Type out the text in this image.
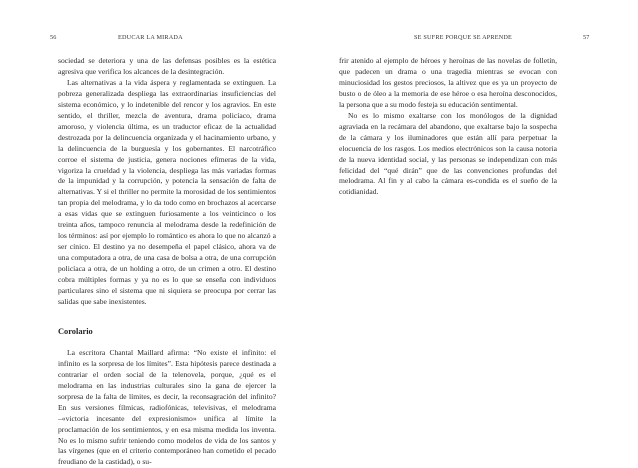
56	EDUCAR LA MIRADA

sociedad se deteriora y una de las defensas posibles es la estética agresiva que verifica los alcances de la desintegración.

Las alternativas a la vida áspera y reglamentada se extinguen. La pobreza generalizada despliega las extraordinarias insuficiencias del sistema económico, y lo indetenible del rencor y los agravios. En este sentido, el thriller, mezcla de aventura, drama policíaco, drama amoroso, y violencia última, es un traductor eficaz de la actualidad destrozada por la delincuencia organizada y el hacinamiento urbano, y la delincuencia de la burguesía y los gobernantes. El narcotráfico corroe el sistema de justicia, genera nociones efímeras de la vida, vigoriza la crueldad y la violencia, despliega las más variadas formas de la impunidad y la corrupción, y potencia la sensación de falta de alternativas. Y si el thriller no permite la morosidad de los sentimientos tan propia del melodrama, y lo da todo como en brochazos al acercarse a esas vidas que se extinguen furiosamente a los veinticinco o los treinta años, tampoco renuncia al melodrama desde la redefinición de los términos: así por ejemplo lo romántico es ahora lo que no alcanzó a ser cínico. El destino ya no desempeña el papel clásico, ahora va de una computadora a otra, de una casa de bolsa a otra, de una corrupción policíaca a otra, de un holding a otro, de un crimen a otro. El destino cobra múltiples formas y ya no es lo que se enseña con individuos particulares sino el sistema que ni siquiera se preocupa por cerrar las salidas que sabe inexistentes.

Corolario

La escritora Chantal Maillard afirma: “No existe el infinito: el infinito es la sorpresa de los límites”. Esta hipótesis parece destinada a contrariar el orden social de la telenovela, porque, ¿qué es el melodrama en las industrias culturales sino la gana de ejercer la sorpresa de la falta de límites, es decir, la reconsagración del infinito? En sus versiones fílmicas, radiofónicas, televisivas, el melodrama –«victoria incesante del expresionismo» unifica al límite la proclamación de los sentimientos, y en esa misma medida los inventa. No es lo mismo sufrir teniendo como modelos de vida de los santos y las vírgenes (que en el criterio contemporáneo han cometido el pecado freudiano de la castidad), o su-

SE SUFRE PORQUE SE APRENDE	57

frir atenido al ejemplo de héroes y heroínas de las novelas de folletín, que padecen un drama o una tragedia mientras se evocan con minuciosidad los gestos preciosos, la altivez que es ya un proyecto de busto o de óleo a la memoria de ese héroe o esa heroína desconocidos, la persona que a su modo festeja su educación sentimental.

No es lo mismo exaltarse con los monólogos de la dignidad agraviada en la recámara del abandono, que exaltarse bajo la sospecha de la cámara y los iluminadores que están allí para perpetuar la elocuencia de los rasgos. Los medios electrónicos son la causa notoria de la nueva identidad social, y las personas se independizan con más felicidad del “qué dirán” que de las convenciones profundas del melodrama. Al fin y al cabo la cámara es-condida es el sueño de la cotidianidad.
